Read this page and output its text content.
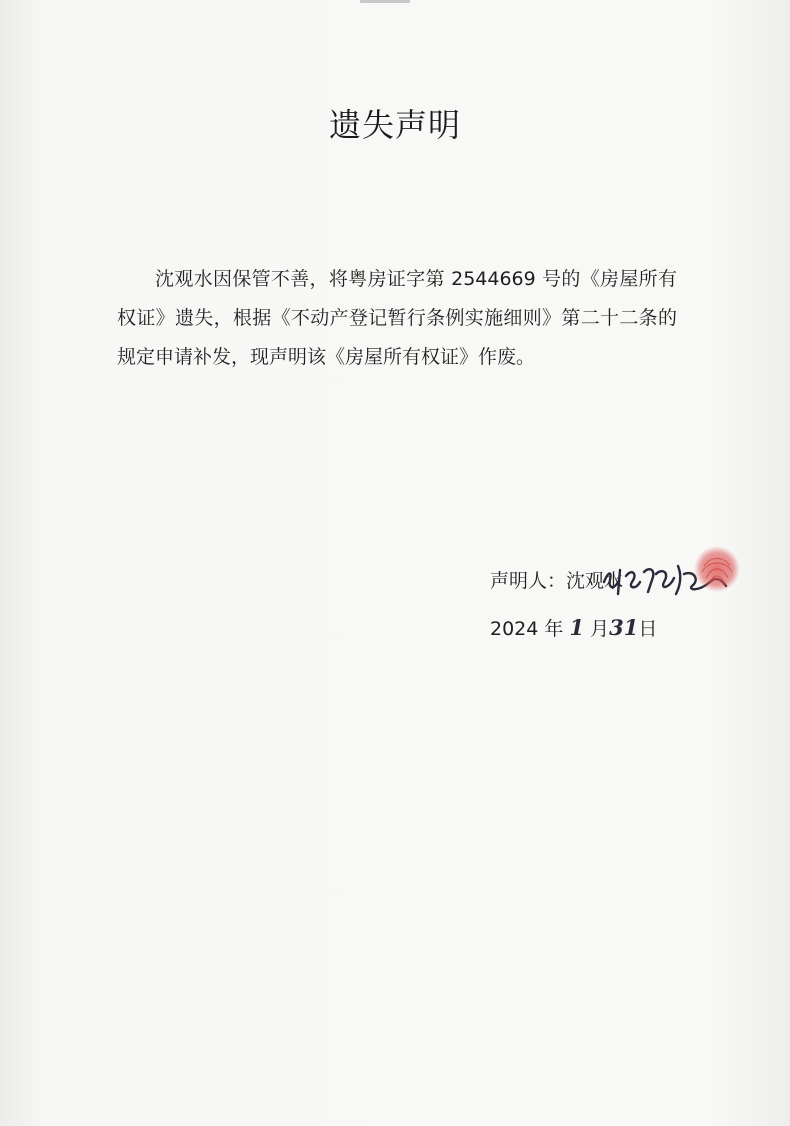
遗失声明
沈观水因保管不善，将粤房证字第 2544669 号的《房屋所有权证》遗失，根据《不动产登记暂行条例实施细则》第二十二条的规定申请补发，现声明该《房屋所有权证》作废。
声明人：沈观水
2024 年 1 月31日
